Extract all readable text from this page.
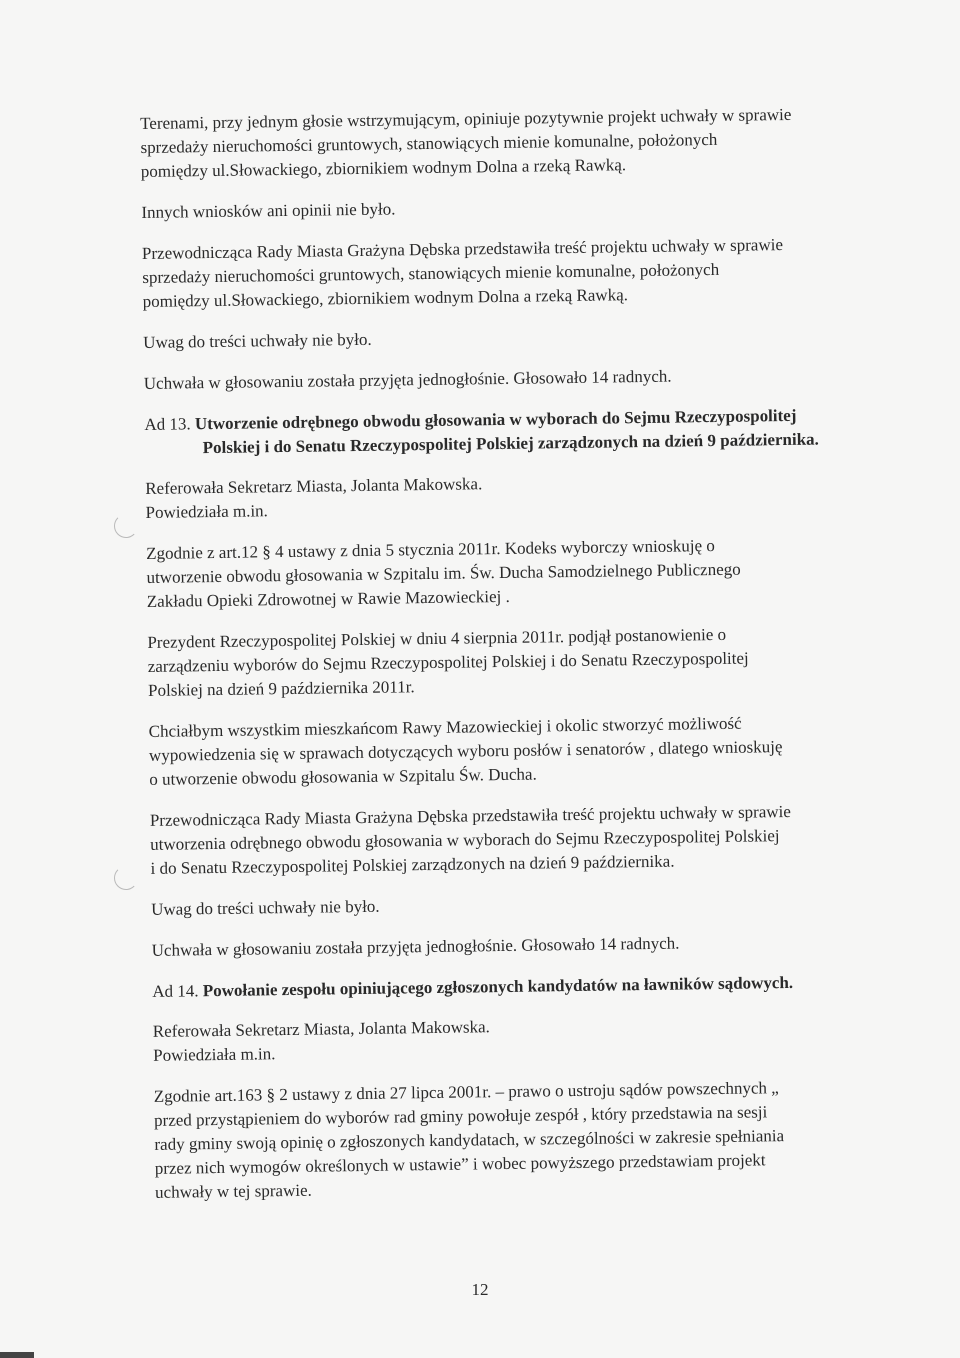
Terenami, przy jednym głosie wstrzymującym, opiniuje pozytywnie projekt uchwały w sprawie
sprzedaży nieruchomości gruntowych, stanowiących mienie komunalne, położonych
pomiędzy ul.Słowackiego, zbiornikiem wodnym Dolna a rzeką Rawką.

Innych wniosków ani opinii nie było.

Przewodnicząca Rady Miasta Grażyna Dębska przedstawiła treść projektu uchwały w sprawie
sprzedaży nieruchomości gruntowych, stanowiących mienie komunalne, położonych
pomiędzy ul.Słowackiego, zbiornikiem wodnym Dolna a rzeką Rawką.

Uwag do treści uchwały nie było.

Uchwała w głosowaniu została przyjęta jednogłośnie. Głosowało 14 radnych.

Ad 13. Utworzenie odrębnego obwodu głosowania w wyborach do Sejmu Rzeczypospolitej
Polskiej i do Senatu Rzeczypospolitej Polskiej zarządzonych na dzień 9 października.

Referowała Sekretarz Miasta, Jolanta Makowska.
Powiedziała m.in.

Zgodnie z art.12 § 4 ustawy z dnia 5 stycznia 2011r. Kodeks wyborczy wnioskuję o
utworzenie obwodu głosowania w Szpitalu im. Św. Ducha Samodzielnego Publicznego
Zakładu Opieki Zdrowotnej w Rawie Mazowieckiej .

Prezydent Rzeczypospolitej Polskiej w dniu 4 sierpnia 2011r. podjął postanowienie o
zarządzeniu wyborów do Sejmu Rzeczypospolitej Polskiej i do Senatu Rzeczypospolitej
Polskiej na dzień 9 października 2011r.

Chciałbym wszystkim mieszkańcom Rawy Mazowieckiej i okolic stworzyć możliwość
wypowiedzenia się w sprawach dotyczących wyboru posłów i senatorów , dlatego wnioskuję
o utworzenie obwodu głosowania w Szpitalu Św. Ducha.

Przewodnicząca Rady Miasta Grażyna Dębska przedstawiła treść projektu uchwały w sprawie
utworzenia odrębnego obwodu głosowania w wyborach do Sejmu Rzeczypospolitej Polskiej
i do Senatu Rzeczypospolitej Polskiej zarządzonych na dzień 9 października.

Uwag do treści uchwały nie było.

Uchwała w głosowaniu została przyjęta jednogłośnie. Głosowało 14 radnych.

Ad 14. Powołanie zespołu opiniującego zgłoszonych kandydatów na ławników sądowych.

Referowała Sekretarz Miasta, Jolanta Makowska.
Powiedziała m.in.

Zgodnie art.163 § 2 ustawy z dnia 27 lipca 2001r. – prawo o ustroju sądów powszechnych „
przed przystąpieniem do wyborów rad gminy powołuje zespół , który przedstawia na sesji
rady gminy swoją opinię o zgłoszonych kandydatach, w szczególności w zakresie spełniania
przez nich wymogów określonych w ustawie” i wobec powyższego przedstawiam projekt
uchwały w tej sprawie.

12
